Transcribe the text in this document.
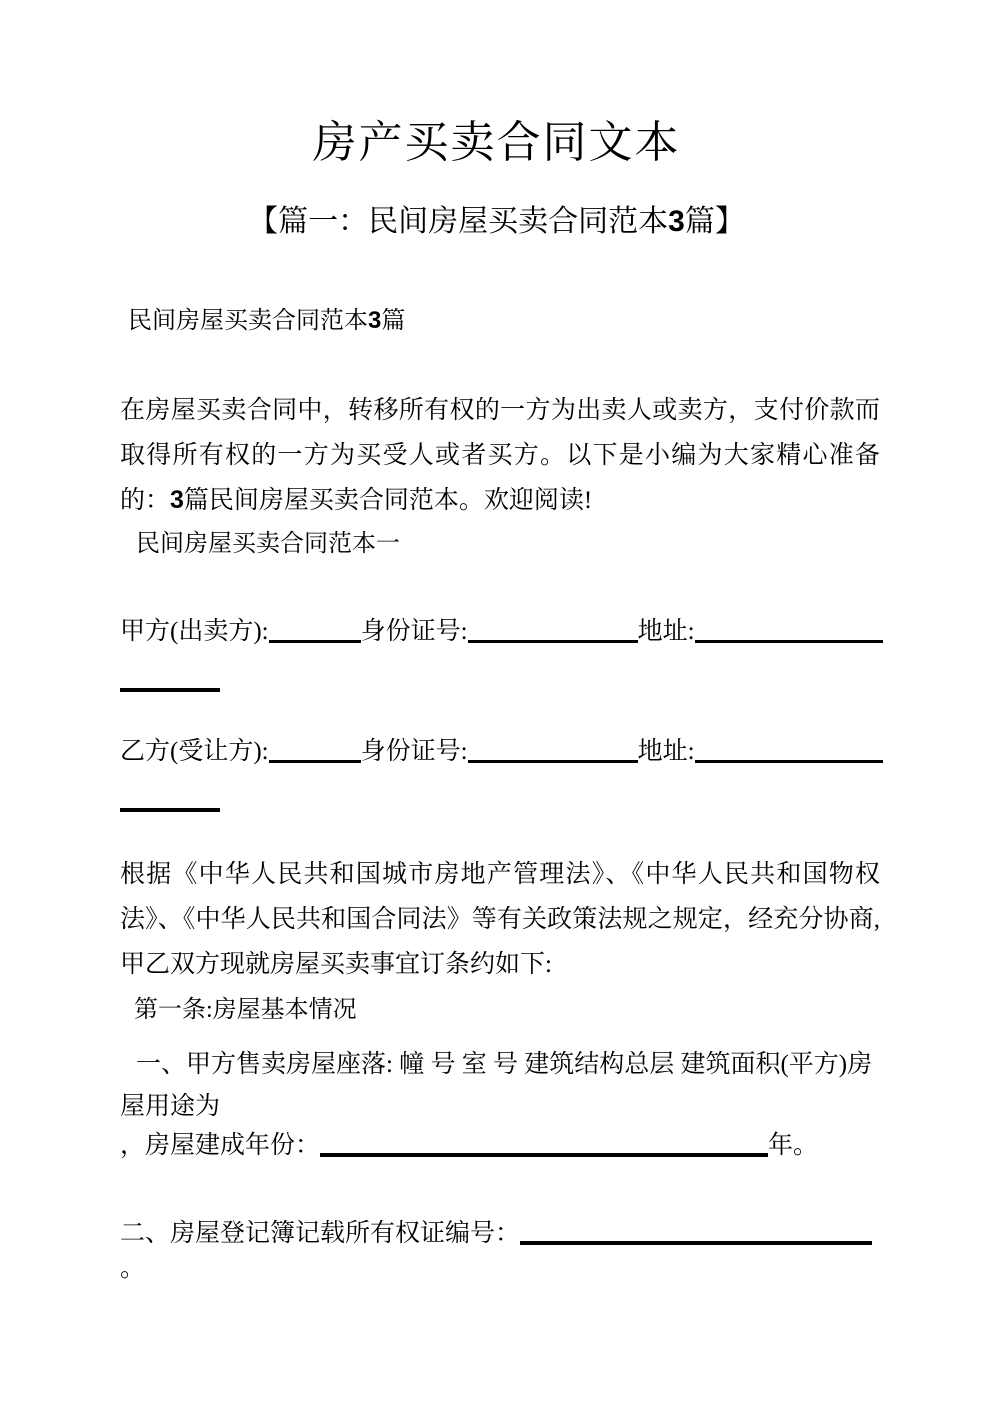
房产买卖合同文本
【篇一：民间房屋买卖合同范本3篇】
民间房屋买卖合同范本3篇
在房屋买卖合同中，转移所有权的一方为出卖人或卖方，支付价款而取得所有权的一方为买受人或者买方。以下是小编为大家精心准备的：3篇民间房屋买卖合同范本。欢迎阅读!
民间房屋买卖合同范本一
甲方(出卖方):	身份证号:	地址:
乙方(受让方):	身份证号:	地址:
根据《中华人民共和国城市房地产管理法》、《中华人民共和国物权法》、《中华人民共和国合同法》等有关政策法规之规定，经充分协商,甲乙双方现就房屋买卖事宜订条约如下:
第一条:房屋基本情况
一、甲方售卖房屋座落: 幢 号 室 号 建筑结构总层 建筑面积(平方)房屋用途为
，房屋建成年份：	年。
二、房屋登记簿记载所有权证编号：
。
